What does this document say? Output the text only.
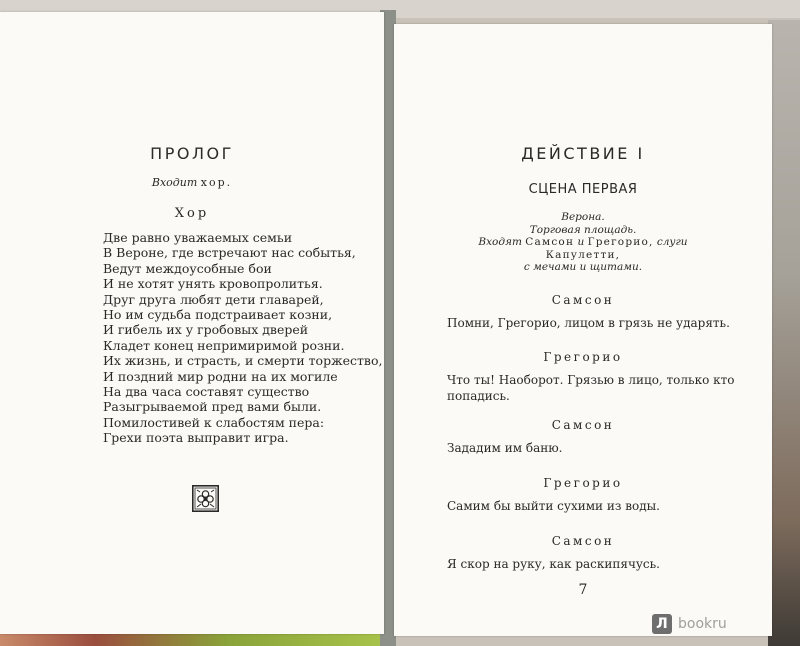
ПРОЛОГ
Входит хор.
Хор
Две равно уважаемых семьи
В Вероне, где встречают нас событья,
Ведут междоусобные бои
И не хотят унять кровопролитья.
Друг друга любят дети главарей,
Но им судьба подстраивает козни,
И гибель их у гробовых дверей
Кладет конец непримиримой розни.
Их жизнь, и страсть, и смерти торжество,
И поздний мир родни на их могиле
На два часа составят существо
Разыгрываемой пред вами были.
Помилостивей к слабостям пера:
Грехи поэта выправит игра.
ДЕЙСТВИЕ I
СЦЕНА ПЕРВАЯ
Верона.
Торговая площадь.
Входят Самсон и Грегорио, слуги
Капулетти,
с мечами и щитами.
Самсон
Помни, Грегорио, лицом в грязь не ударять.
Грегорио
Что ты! Наоборот. Грязью в лицо, только кто попадись.
Самсон
Зададим им баню.
Грегорио
Самим бы выйти сухими из воды.
Самсон
Я скор на руку, как раскипячусь.
7
Л bookru
